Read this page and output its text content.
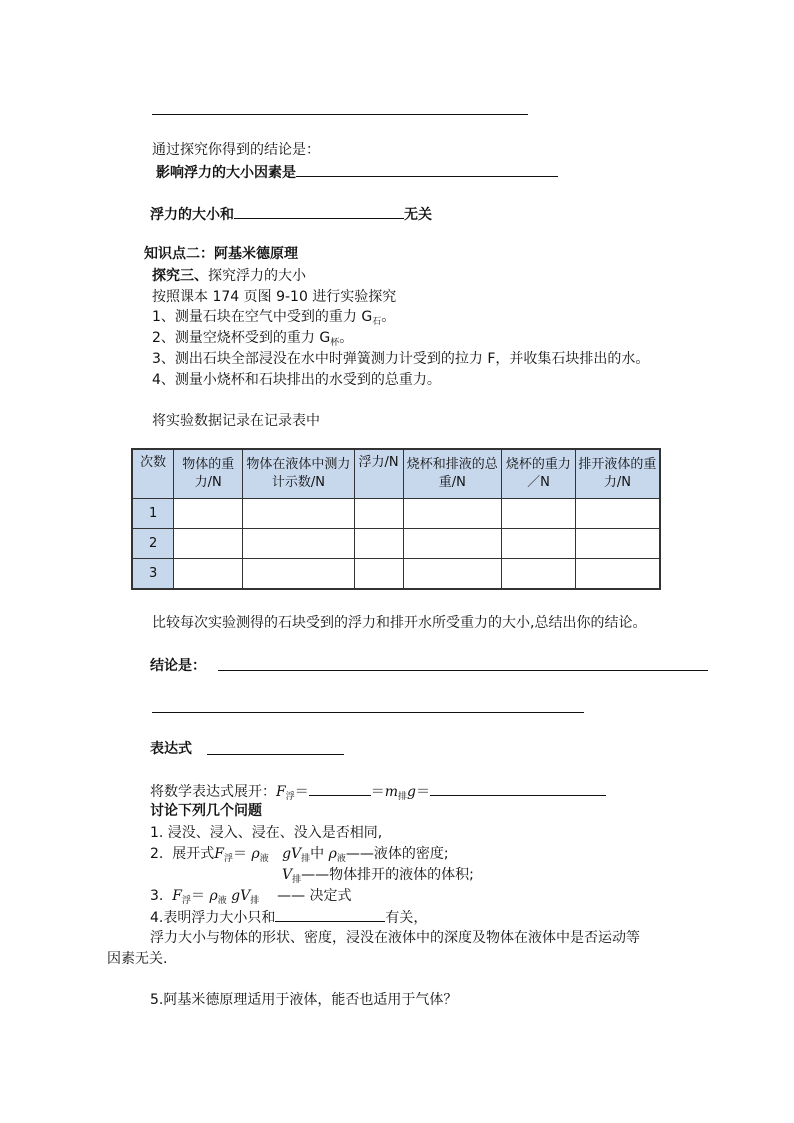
通过探究你得到的结论是：
影响浮力的大小因素是
浮力的大小和	无关
知识点二：阿基米德原理
探究三、探究浮力的大小
按照课本 174 页图 9-10 进行实验探究
1、测量石块在空气中受到的重力 $G_石$。
2、测量空烧杯受到的重力 $G_杯$。
3、测出石块全部浸没在水中时弹簧测力计受到的拉力 F，并收集石块排出的水。
4、测量小烧杯和石块排出的水受到的总重力。
将实验数据记录在记录表中
次数	物体的重力/N	物体在液体中测力计示数/N	浮力/N	烧杯和排液的总重/N	烧杯的重力／N	排开液体的重力/N
1						
2						
3						
比较每次实验测得的石块受到的浮力和排开水所受重力的大小,总结出你的结论。
结论是：
表达式
将数学表达式展开：$F_浮=$	$=m_排g=$
讨论下列几个问题
1. 浸没、浸入、浸在、没入是否相同,
2. 展开式$F_浮= \rho_液$ $gV_排$中 $\rho_液——$液体的密度;
$V_排——$物体排开的液体的体积;
3. $F_浮= \rho_液$ $gV_排$ —— 决定式
4.表明浮力大小只和	有关，
浮力大小与物体的形状、密度，浸没在液体中的深度及物体在液体中是否运动等
因素无关.
5.阿基米德原理适用于液体，能否也适用于气体？
